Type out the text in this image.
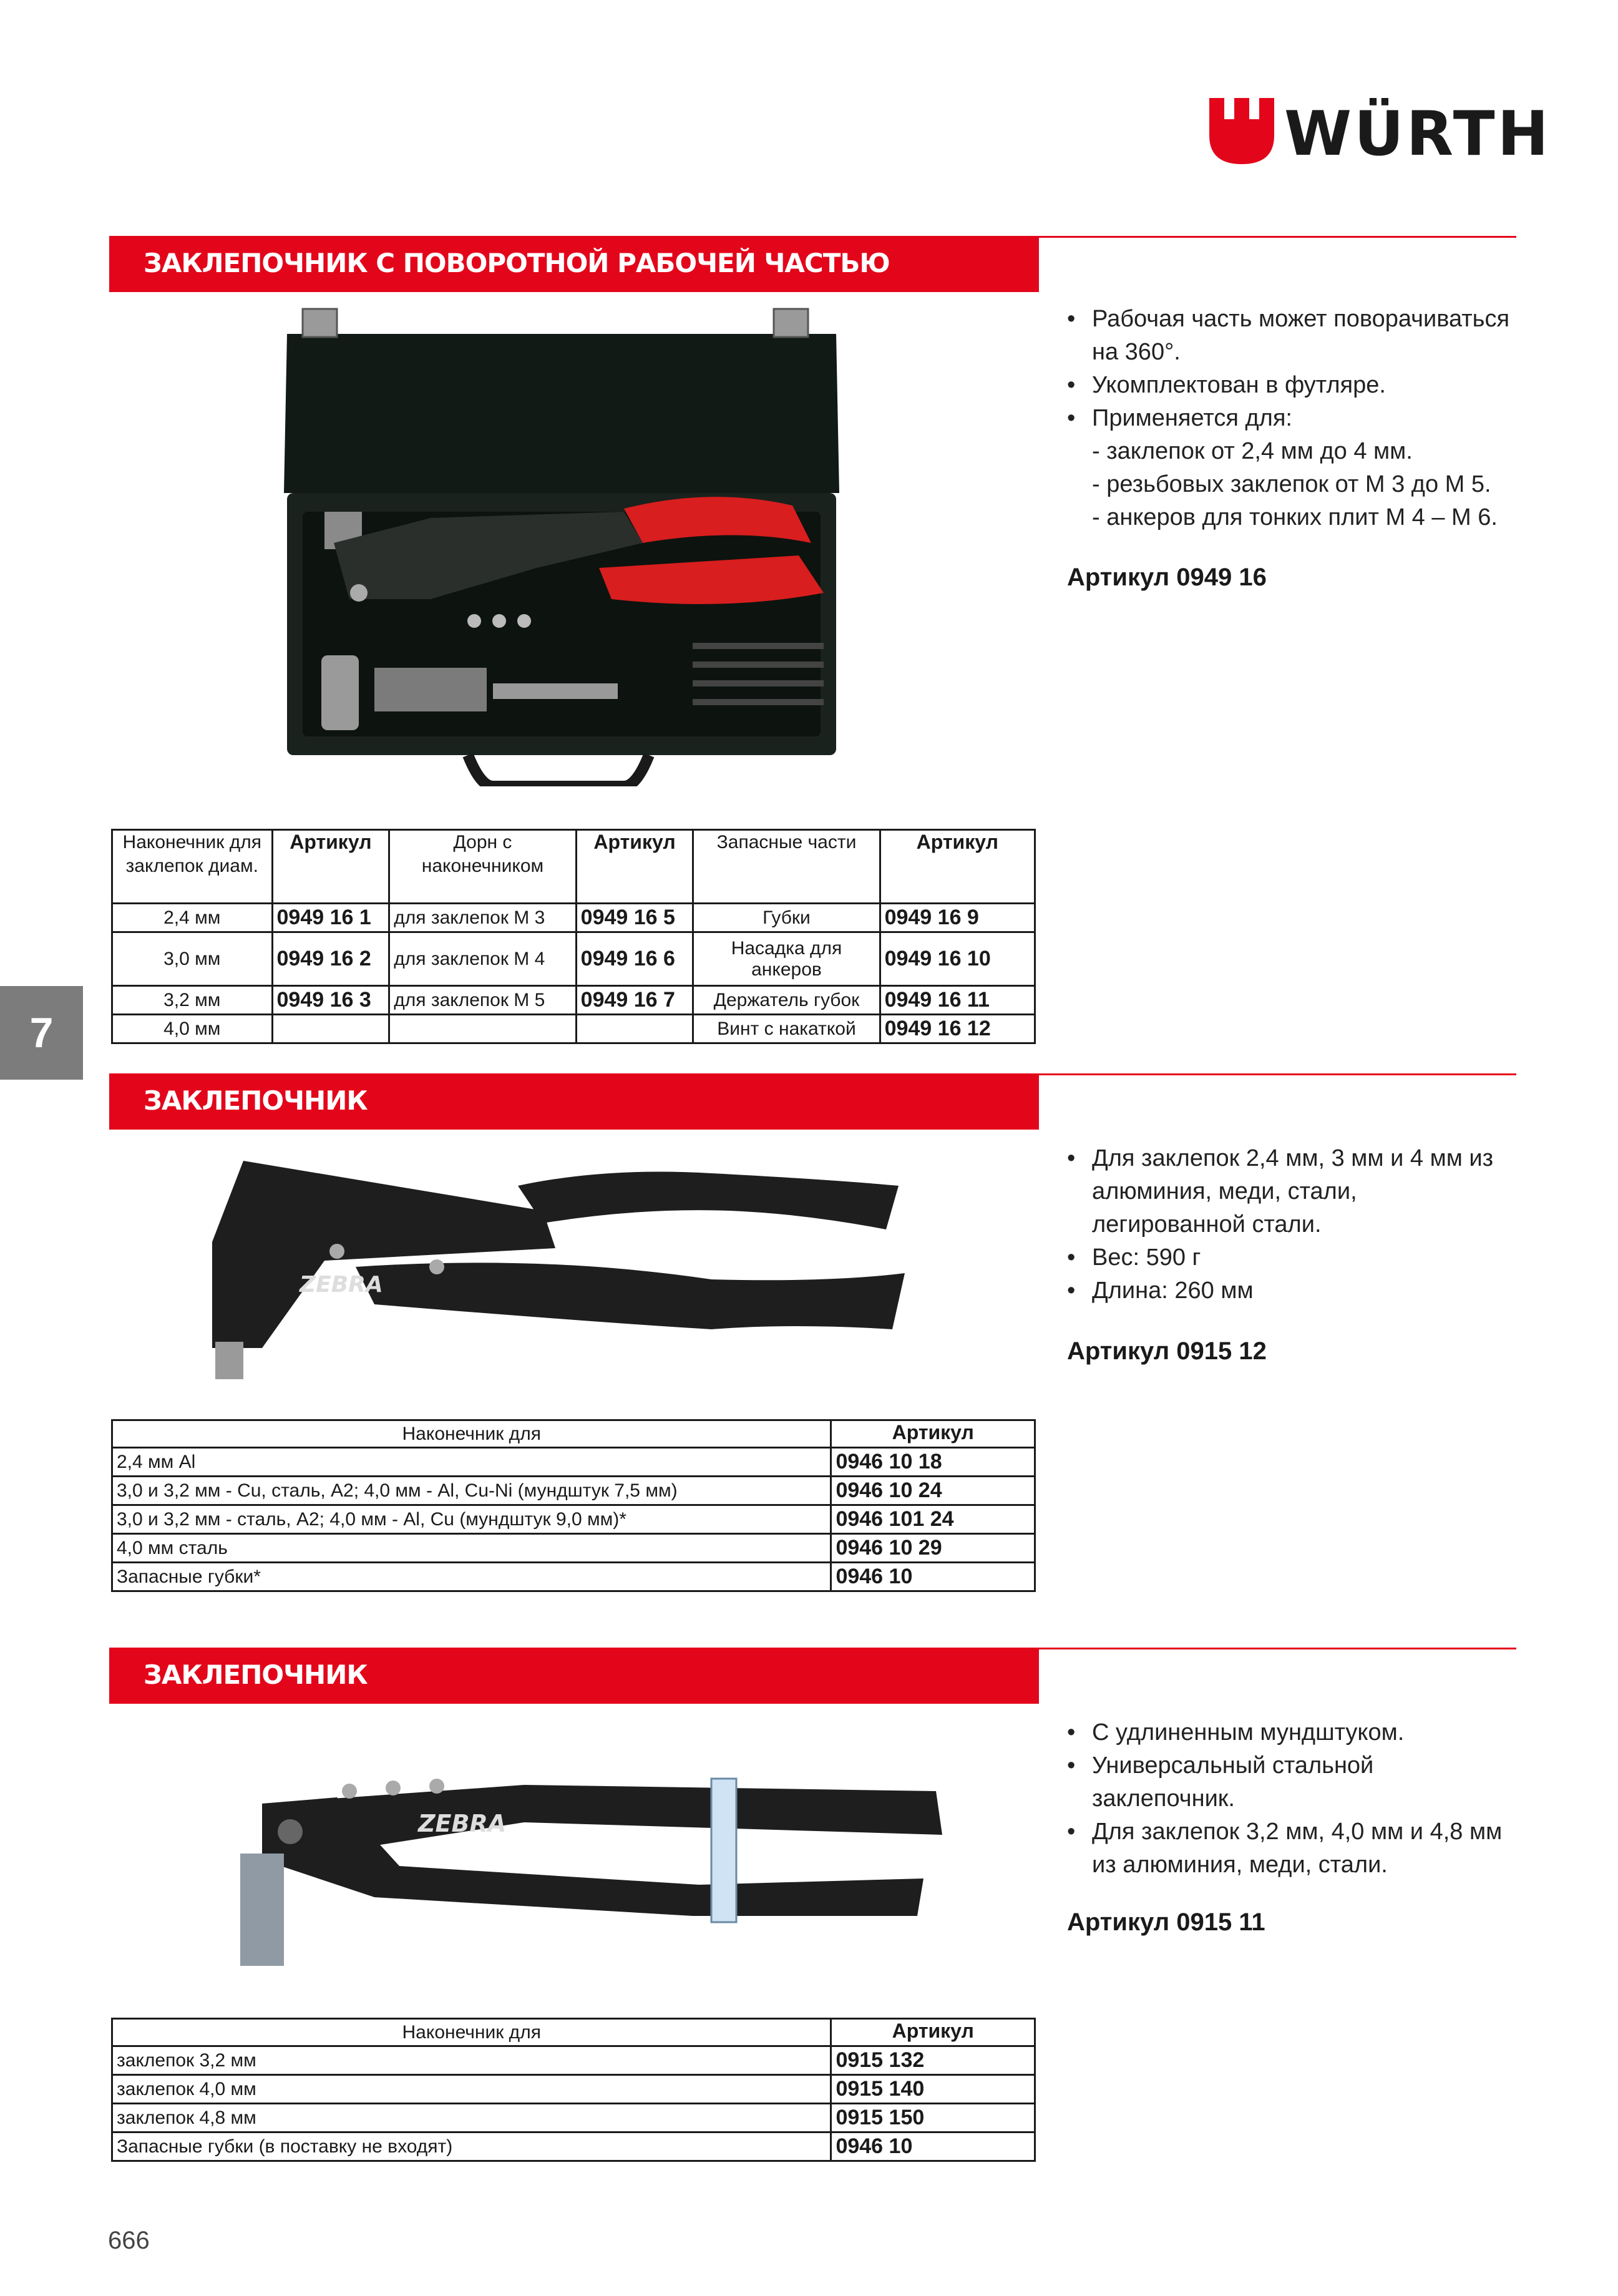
WÜRTH
ЗАКЛЕПОЧНИК С ПОВОРОТНОЙ РАБОЧЕЙ ЧАСТЬЮ
• Рабочая часть может поворачиваться на 360°.
• Укомплектован в футляре.
• Применяется для:
- заклепок от 2,4 мм до 4 мм.
- резьбовых заклепок от М 3 до М 5.
- анкеров для тонких плит М 4 – М 6.
Артикул 0949 16
Наконечник для заклепок диам.	Артикул	Дорн с наконечником	Артикул	Запасные части	Артикул
2,4 мм	0949 16 1	для заклепок М 3	0949 16 5	Губки	0949 16 9
3,0 мм	0949 16 2	для заклепок М 4	0949 16 6	Насадка для анкеров	0949 16 10
3,2 мм	0949 16 3	для заклепок М 5	0949 16 7	Держатель губок	0949 16 11
4,0 мм				Винт с накаткой	0949 16 12
7
ЗАКЛЕПОЧНИК
ZEBRA
• Для заклепок 2,4 мм, 3 мм и 4 мм из алюминия, меди, стали, легированной стали.
• Вес: 590 г
• Длина: 260 мм
Артикул 0915 12
Наконечник для	Артикул
2,4 мм Al	0946 10 18
3,0 и 3,2 мм - Cu, сталь, A2; 4,0 мм - Al, Cu-Ni (мундштук 7,5 мм)	0946 10 24
3,0 и 3,2 мм - сталь, A2; 4,0 мм - Al, Cu (мундштук 9,0 мм)*	0946 101 24
4,0 мм сталь	0946 10 29
Запасные губки*	0946 10
ЗАКЛЕПОЧНИК
ZEBRA
• С удлиненным мундштуком.
• Универсальный стальной заклепочник.
• Для заклепок 3,2 мм, 4,0 мм и 4,8 мм из алюминия, меди, стали.
Артикул 0915 11
Наконечник для	Артикул
заклепок 3,2 мм	0915 132
заклепок 4,0 мм	0915 140
заклепок 4,8 мм	0915 150
Запасные губки (в поставку не входят)	0946 10
666
